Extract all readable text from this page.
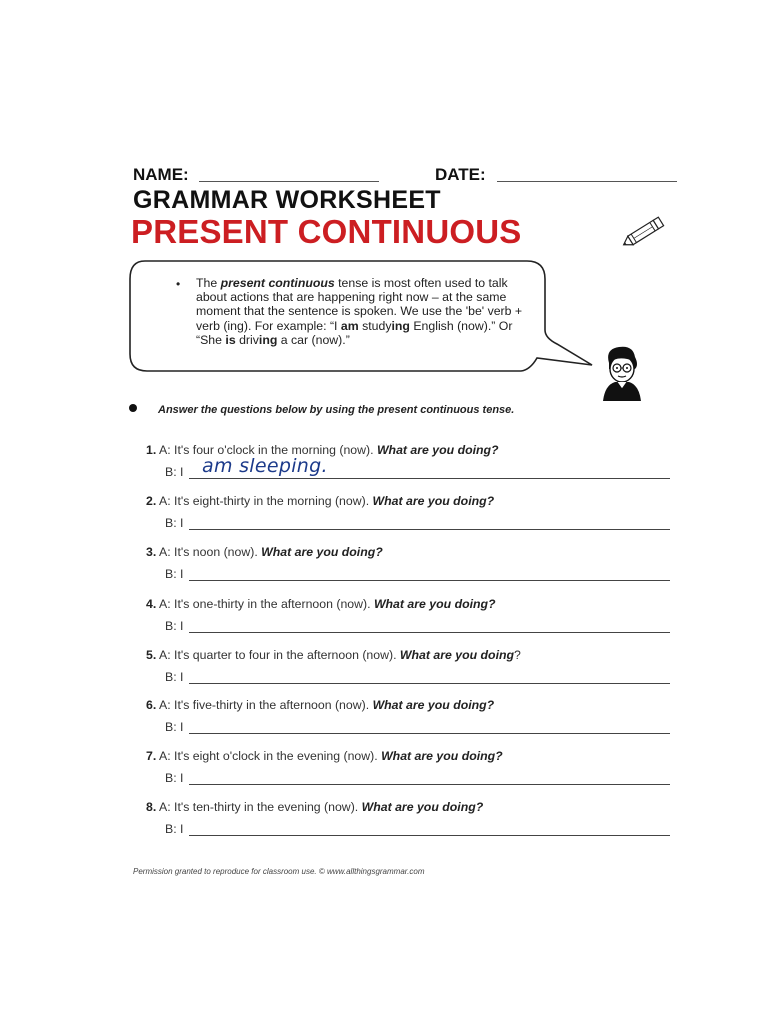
NAME:	DATE:
GRAMMAR WORKSHEET
PRESENT CONTINUOUS
• The present continuous tense is most often used to talk about actions that are happening right now – at the same moment that the sentence is spoken. We use the 'be' verb + verb (ing). For example: “I am studying English (now).” Or “She is driving a car (now).”
Answer the questions below by using the present continuous tense.
1. A: It's four o'clock in the morning (now). What are you doing?
B: I am sleeping.
2. A: It's eight-thirty in the morning (now). What are you doing?
B: I
3. A: It's noon (now). What are you doing?
B: I
4. A: It's one-thirty in the afternoon (now). What are you doing?
B: I
5. A: It's quarter to four in the afternoon (now). What are you doing?
B: I
6. A: It's five-thirty in the afternoon (now). What are you doing?
B: I
7. A: It's eight o'clock in the evening (now). What are you doing?
B: I
8. A: It's ten-thirty in the evening (now). What are you doing?
B: I
Permission granted to reproduce for classroom use. © www.allthingsgrammar.com
